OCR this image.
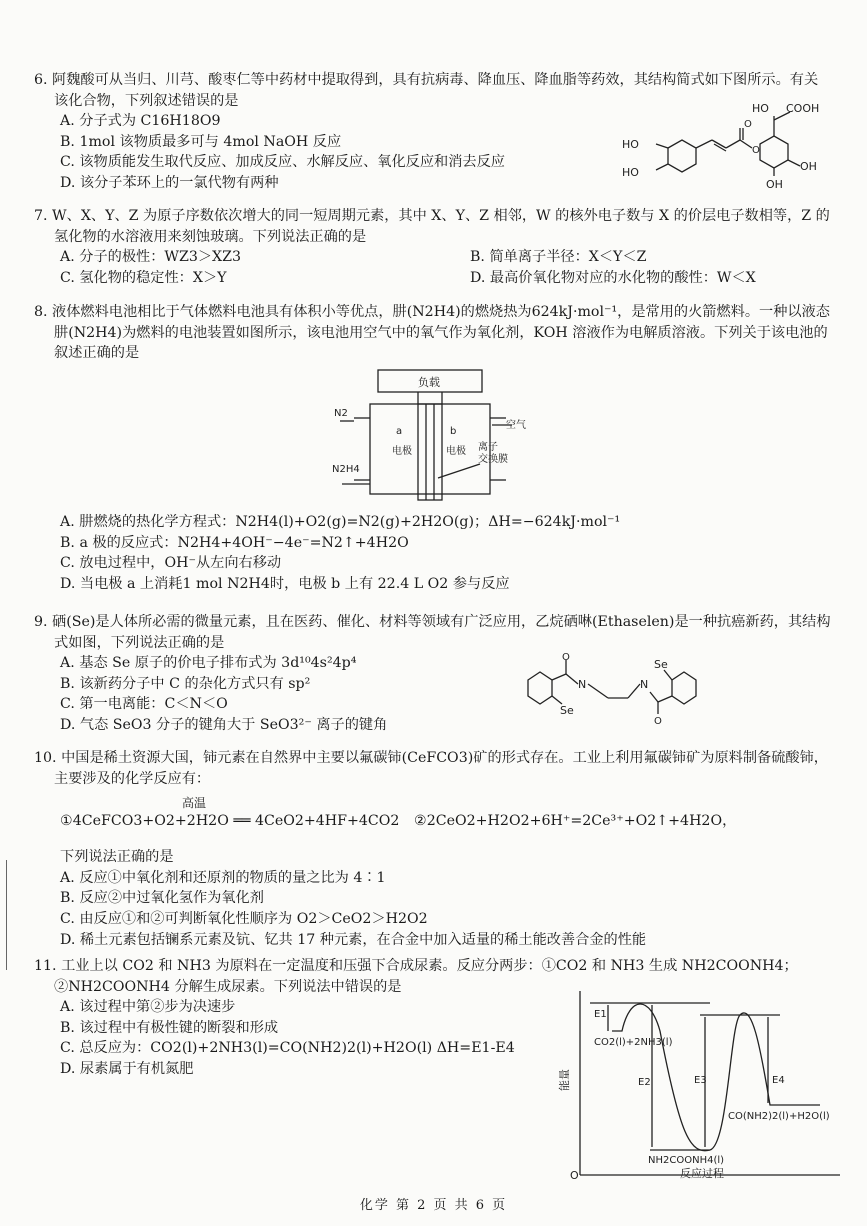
6. 阿魏酸可从当归、川芎、酸枣仁等中药材中提取得到，具有抗病毒、降血压、降血脂等药效，其结构简式如下图所示。有关该化合物，下列叙述错误的是

A. 分子式为 C16H18O9

B. 1mol 该物质最多可与 4mol NaOH 反应

C. 该物质能发生取代反应、加成反应、水解反应、氧化反应和消去反应

D. 该分子苯环上的一氯代物有两种

O
O
HO
HO
HO COOH
OH
OH

7. W、X、Y、Z 为原子序数依次增大的同一短周期元素，其中 X、Y、Z 相邻，W 的核外电子数与 X 的价层电子数相等，Z 的氢化物的水溶液用来刻蚀玻璃。下列说法正确的是

A. 分子的极性：WZ3＞XZ3	B. 简单离子半径：X＜Y＜Z
C. 氢化物的稳定性：X＞Y	D. 最高价氧化物对应的水化物的酸性：W＜X

8. 液体燃料电池相比于气体燃料电池具有体积小等优点，肼(N2H4)的燃烧热为624kJ·mol⁻¹，是常用的火箭燃料。一种以液态肼(N2H4)为燃料的电池装置如图所示，该电池用空气中的氧气作为氧化剂，KOH 溶液作为电解质溶液。下列关于该电池的叙述正确的是

负载
N2
N2H4
空气
a	b
电极	电极 离子
交换膜

A. 肼燃烧的热化学方程式：N2H4(l)+O2(g)=N2(g)+2H2O(g)；ΔH=−624kJ·mol⁻¹

B. a 极的反应式：N2H4+4OH⁻−4e⁻=N2↑+4H2O

C. 放电过程中，OH⁻从左向右移动

D. 当电极 a 上消耗1 mol N2H4时，电极 b 上有 22.4 L O2 参与反应

9. 硒(Se)是人体所必需的微量元素，且在医药、催化、材料等领域有广泛应用，乙烷硒啉(Ethaselen)是一种抗癌新药，其结构式如图，下列说法正确的是

A. 基态 Se 原子的价电子排布式为 3d¹⁰4s²4p⁴

B. 该新药分子中 C 的杂化方式只有 sp²

C. 第一电离能：C＜N＜O

D. 气态 SeO3 分子的键角大于 SeO3²⁻ 离子的键角

O
O
N	N
Se
Se

10. 中国是稀土资源大国，铈元素在自然界中主要以氟碳铈(CeFCO3)矿的形式存在。工业上利用氟碳铈矿为原料制备硫酸铈，主要涉及的化学反应有：

高温
①4CeFCO3+O2+2H2O ══ 4CeO2+4HF+4CO2 ②2CeO2+H2O2+6H⁺=2Ce³⁺+O2↑+4H2O，

下列说法正确的是

A. 反应①中氧化剂和还原剂的物质的量之比为 4∶1

B. 反应②中过氧化氢作为氧化剂

C. 由反应①和②可判断氧化性顺序为 O2＞CeO2＞H2O2

D. 稀土元素包括镧系元素及钪、钇共 17 种元素，在合金中加入适量的稀土能改善合金的性能

11. 工业上以 CO2 和 NH3 为原料在一定温度和压强下合成尿素。反应分两步：①CO2 和 NH3 生成 NH2COONH4；②NH2COONH4 分解生成尿素。下列说法中错误的是

A. 该过程中第②步为决速步

B. 该过程中有极性键的断裂和形成

C. 总反应为：CO2(l)+2NH3(l)=CO(NH2)2(l)+H2O(l) ΔH=E1-E4

D. 尿素属于有机氮肥

能量
O	反应过程
E1
E2	E3	E4
CO2(l)+2NH3(l)
NH2COONH4(l)
CO(NH2)2(l)+H2O(l)
化学 第 2 页 共 6 页
